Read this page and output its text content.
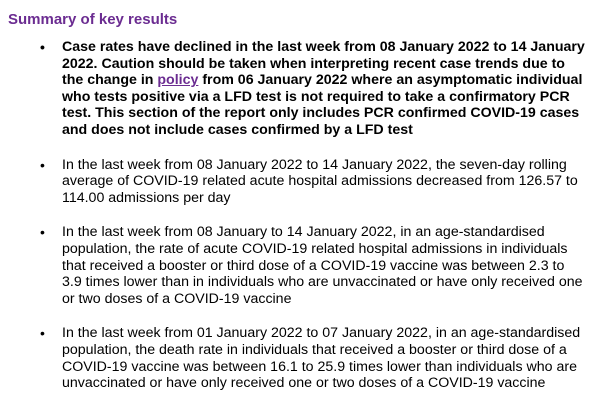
Summary of key results
• Case rates have declined in the last week from 08 January 2022 to 14 January 2022. Caution should be taken when interpreting recent case trends due to the change in policy from 06 January 2022 where an asymptomatic individual who tests positive via a LFD test is not required to take a confirmatory PCR test. This section of the report only includes PCR confirmed COVID-19 cases and does not include cases confirmed by a LFD test
• In the last week from 08 January 2022 to 14 January 2022, the seven-day rolling average of COVID-19 related acute hospital admissions decreased from 126.57 to 114.00 admissions per day
• In the last week from 08 January to 14 January 2022, in an age-standardised population, the rate of acute COVID-19 related hospital admissions in individuals that received a booster or third dose of a COVID-19 vaccine was between 2.3 to 3.9 times lower than in individuals who are unvaccinated or have only received one or two doses of a COVID-19 vaccine
• In the last week from 01 January 2022 to 07 January 2022, in an age-standardised population, the death rate in individuals that received a booster or third dose of a COVID-19 vaccine was between 16.1 to 25.9 times lower than individuals who are unvaccinated or have only received one or two doses of a COVID-19 vaccine
